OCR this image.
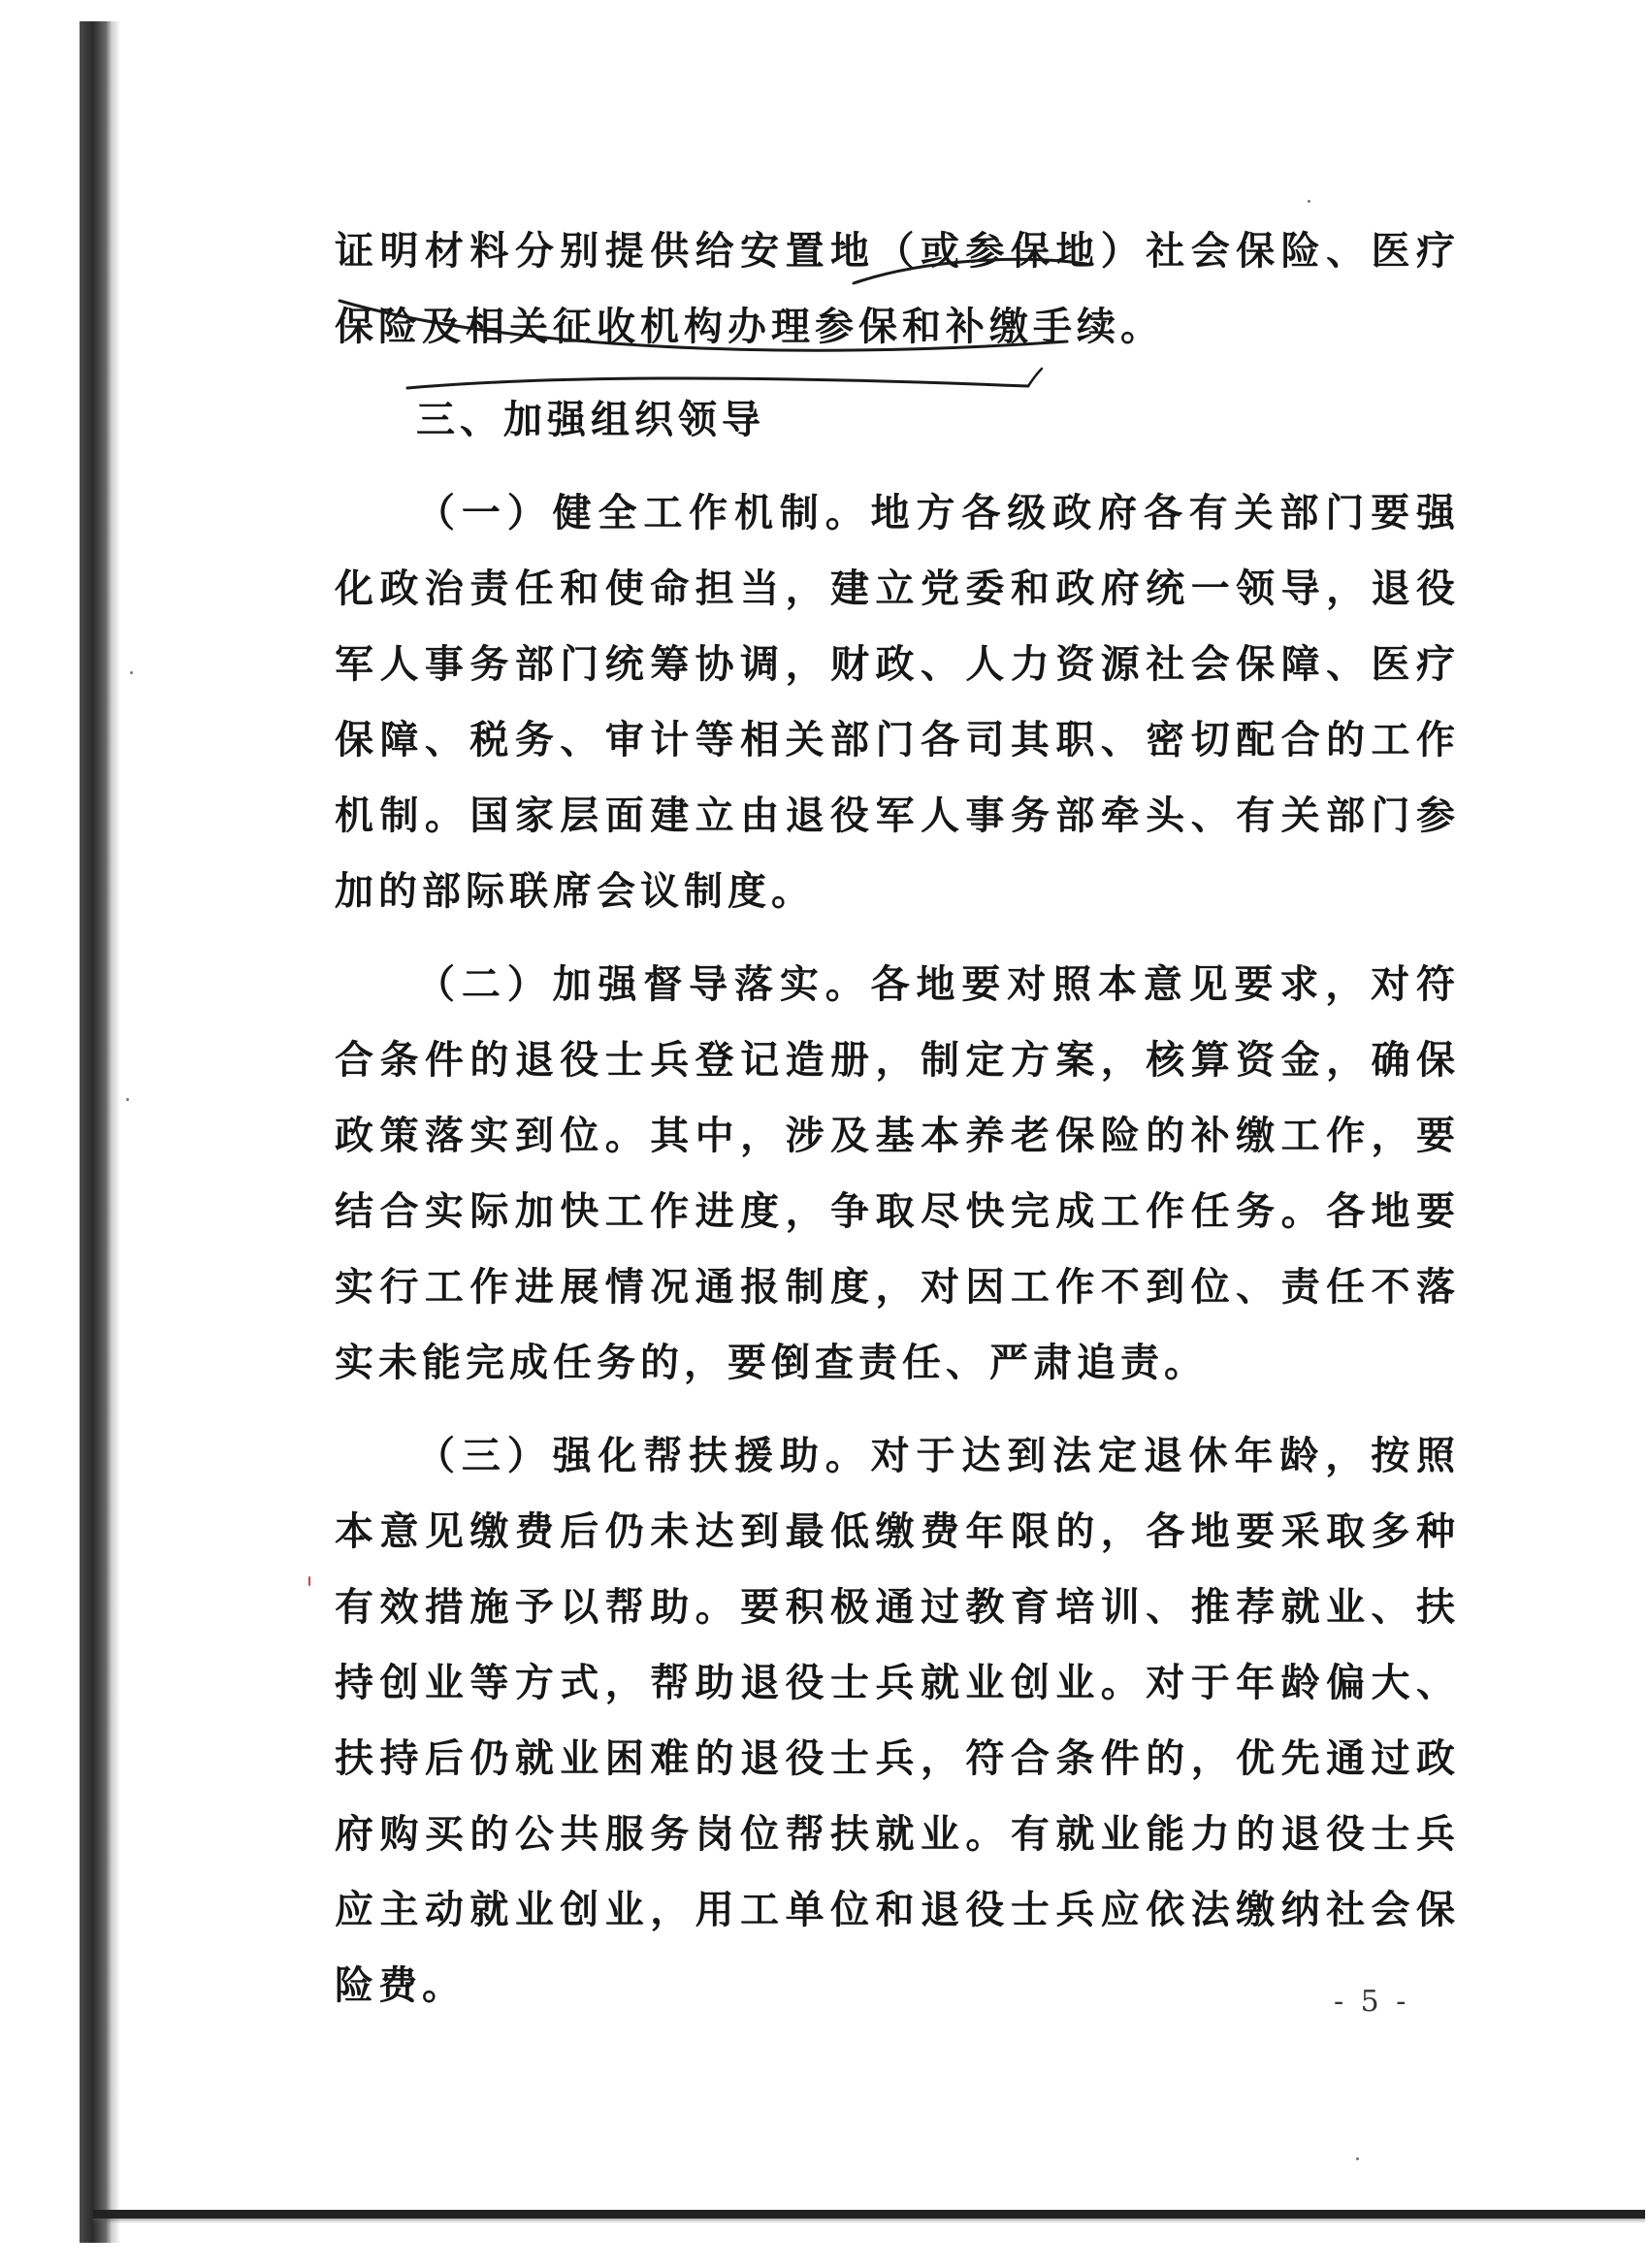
证明材料分别提供给安置地（或参保地）社会保险、医疗保险及相关征收机构办理参保和补缴手续。

三、加强组织领导

（一）健全工作机制。地方各级政府各有关部门要强化政治责任和使命担当，建立党委和政府统一领导，退役军人事务部门统筹协调，财政、人力资源社会保障、医疗保障、税务、审计等相关部门各司其职、密切配合的工作机制。国家层面建立由退役军人事务部牵头、有关部门参加的部际联席会议制度。

（二）加强督导落实。各地要对照本意见要求，对符合条件的退役士兵登记造册，制定方案，核算资金，确保政策落实到位。其中，涉及基本养老保险的补缴工作，要结合实际加快工作进度，争取尽快完成工作任务。各地要实行工作进展情况通报制度，对因工作不到位、责任不落实未能完成任务的，要倒查责任、严肃追责。

（三）强化帮扶援助。对于达到法定退休年龄，按照本意见缴费后仍未达到最低缴费年限的，各地要采取多种有效措施予以帮助。要积极通过教育培训、推荐就业、扶持创业等方式，帮助退役士兵就业创业。对于年龄偏大、扶持后仍就业困难的退役士兵，符合条件的，优先通过政府购买的公共服务岗位帮扶就业。有就业能力的退役士兵应主动就业创业，用工单位和退役士兵应依法缴纳社会保险费。	- 5 -
